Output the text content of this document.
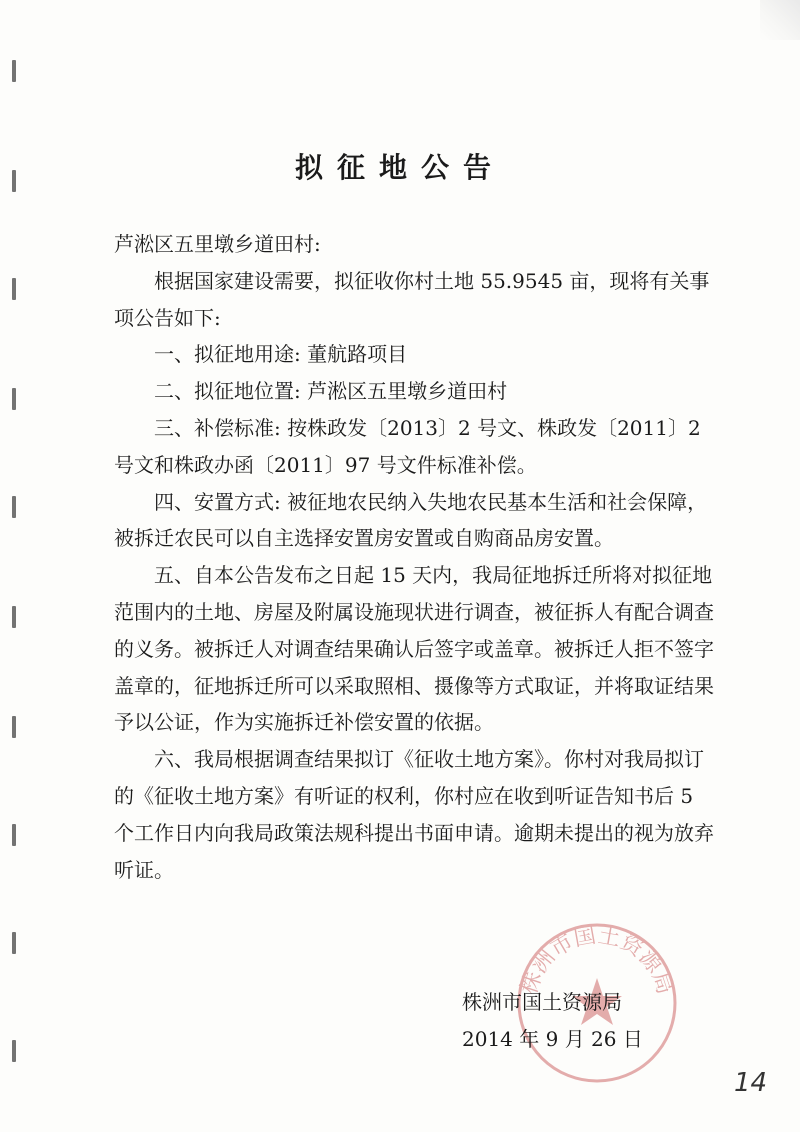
拟征地公告

芦淞区五里墩乡道田村:

根据国家建设需要，拟征收你村土地 55.9545 亩，现将有关事项公告如下:

一、拟征地用途: 董航路项目

二、拟征地位置: 芦淞区五里墩乡道田村

三、补偿标准: 按株政发〔2013〕2 号文、株政发〔2011〕2 号文和株政办函〔2011〕97 号文件标准补偿。

四、安置方式: 被征地农民纳入失地农民基本生活和社会保障，被拆迁农民可以自主选择安置房安置或自购商品房安置。

五、自本公告发布之日起 15 天内，我局征地拆迁所将对拟征地范围内的土地、房屋及附属设施现状进行调查，被征拆人有配合调查的义务。被拆迁人对调查结果确认后签字或盖章。被拆迁人拒不签字盖章的，征地拆迁所可以采取照相、摄像等方式取证，并将取证结果予以公证，作为实施拆迁补偿安置的依据。

六、我局根据调查结果拟订《征收土地方案》。你村对我局拟订的《征收土地方案》有听证的权利，你村应在收到听证告知书后 5 个工作日内向我局政策法规科提出书面申请。逾期未提出的视为放弃听证。

株洲市国土资源局
株洲市国土资源局
2014 年 9 月 26 日
14
